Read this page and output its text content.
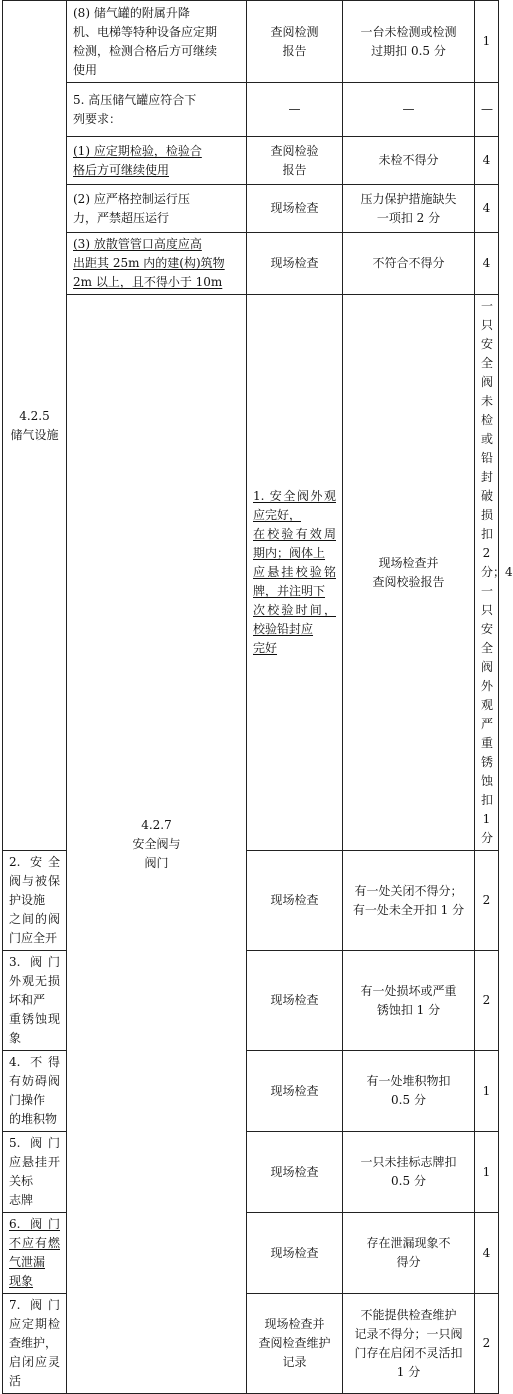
4.2.5
储气设施	(8) 储气罐的附属升降
机、电梯等特种设备应定期
检测，检测合格后方可继续
使用	查阅检测
报告	一台未检测或检测
过期扣 0.5 分	1	

	5. 高压储气罐应符合下
列要求：	—	—	—	

	(1) 应定期检验，检验合
格后方可继续使用	查阅检验
报告	未检不得分	4	

	(2) 应严格控制运行压
力，严禁超压运行	现场检查	压力保护措施缺失
一项扣 2 分	4	

	(3) 放散管管口高度应高
出距其 25m 内的建(构)筑物
2m 以上，且不得小于 10m	现场检查	不符合不得分	4	

	4.2.7
安全阀与
阀门	1. 安全阀外观应完好，
在校验有效周期内；阀体上
应悬挂校验铭牌，并注明下
次校验时间，校验铅封应
完好	现场检查并
查阅校验报告	一只安全阀未检或
铅封破损扣 2 分；一
只安全阀外观严重锈
蚀扣 1 分	4

2. 安全阀与被保护设施
之间的阀门应全开		现场检查	有一处关闭不得分；
有一处未全开扣 1 分	2	

3. 阀门外观无损坏和严
重锈蚀现象		现场检查	有一处损坏或严重
锈蚀扣 1 分	2	

4. 不得有妨碍阀门操作
的堆积物		现场检查	有一处堆积物扣
0.5 分	1	

5. 阀门应悬挂开关标
志牌		现场检查	一只未挂标志牌扣
0.5 分	1	

6. 阀门不应有燃气泄漏
现象		现场检查	存在泄漏现象不
得分	4	

7. 阀门应定期检查维护，
启闭应灵活		现场检查并
查阅检查维护
记录	不能提供检查维护
记录不得分；一只阀
门存在启闭不灵活扣
1 分	2	
